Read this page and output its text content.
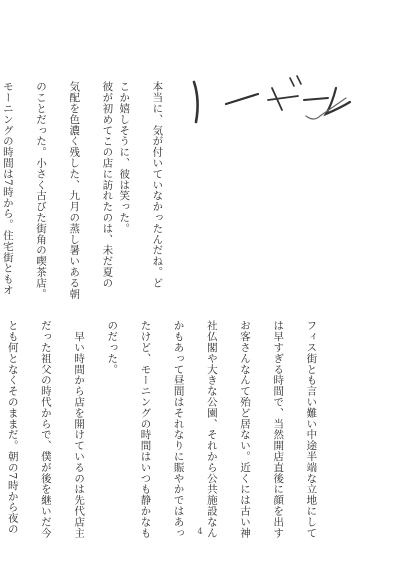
本当に、気が付いていなかったんだね。ど

こか嬉しそうに、彼は笑った。

彼が初めてこの店に訪れたのは、未だ夏の

気配を色濃く残した、九月の蒸し暑いある朝

のことだった。小さく古びた街角の喫茶店。

モーニングの時間は7時から。住宅街ともオ

フィス街とも言い難い中途半端な立地にして

は早すぎる時間で、当然開店直後に顔を出す

お客さんなんて殆ど居ない。近くには古い神

社仏閣や大きな公園、それから公共施設なん

かもあって昼間はそれなりに賑やかではあっ

たけど、モーニングの時間はいつも静かなも

のだった。

　早い時間から店を開けているのは先代店主

だった祖父の時代からで、僕が後を継いだ今

とも何となくそのままだ。朝の7時から夜の

	4
